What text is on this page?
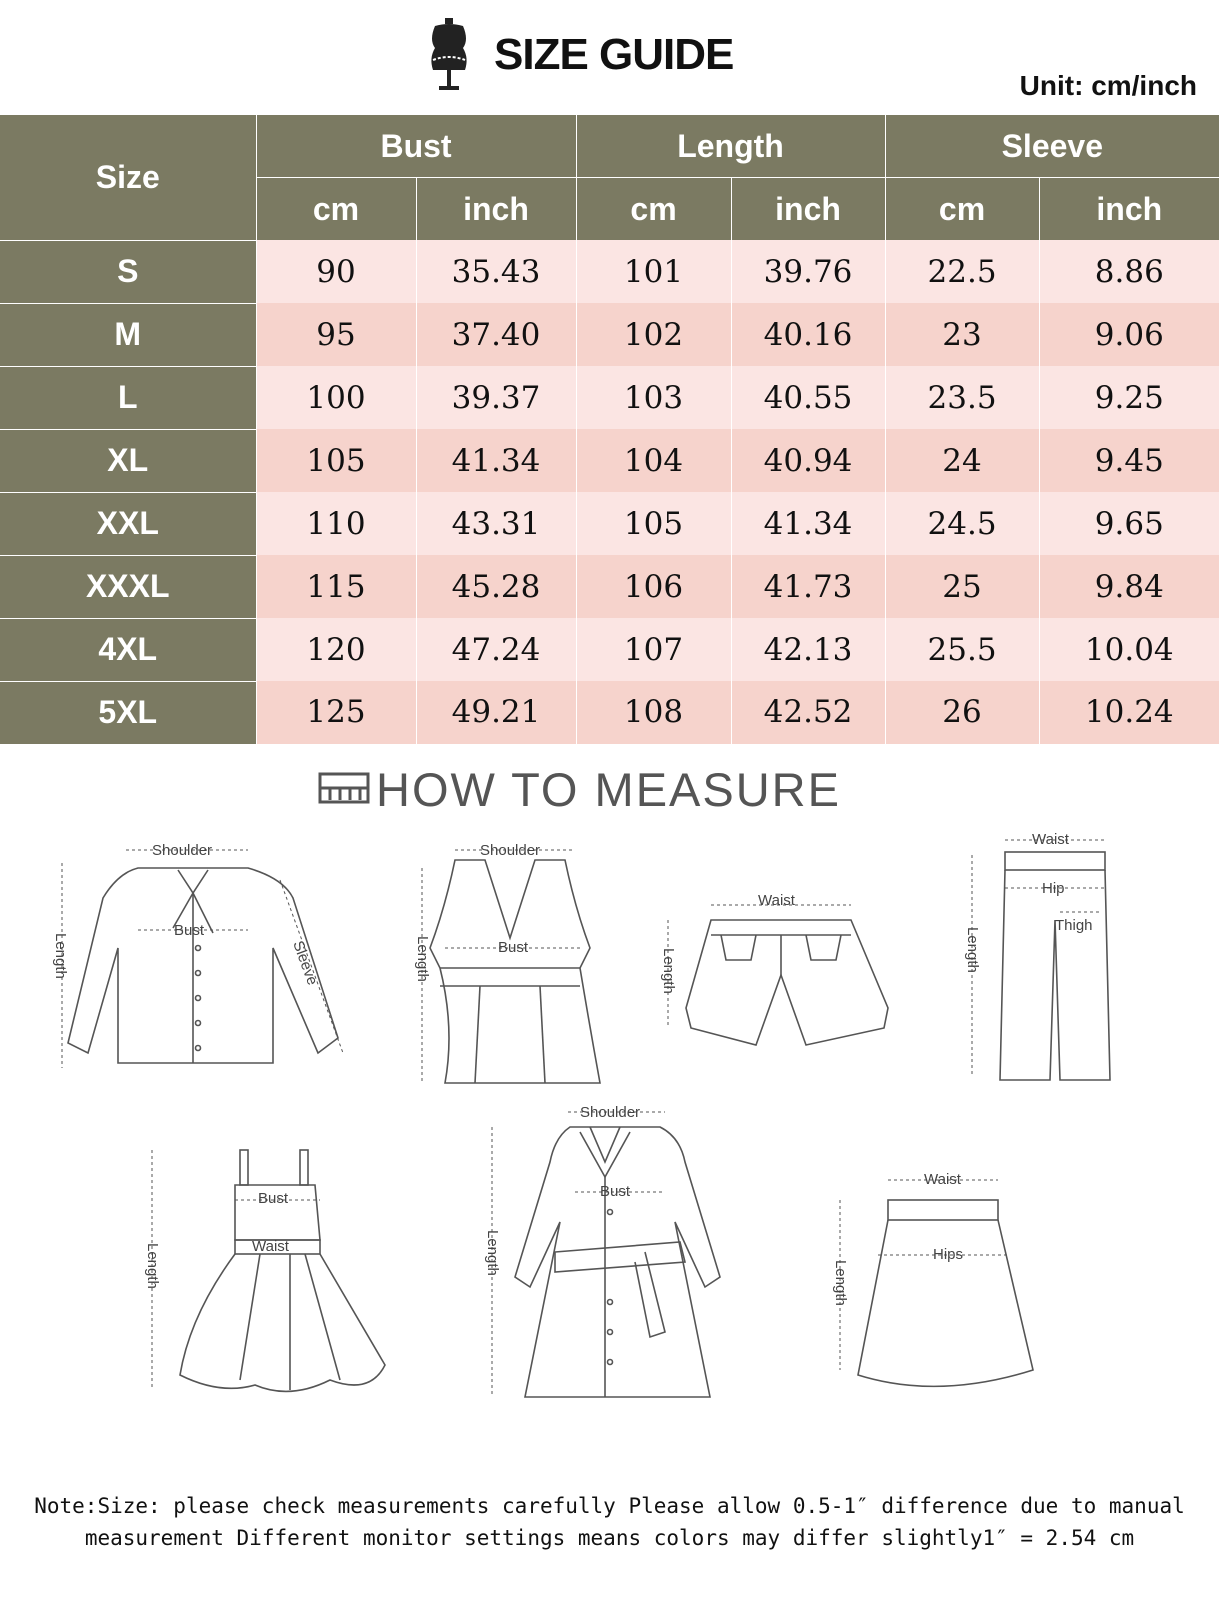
SIZE GUIDE
Unit: cm/inch
Size	Bust		Length		Sleeve	
	cm	inch	cm	inch	cm	inch
S	90	35.43	101	39.76	22.5	8.86
M	95	37.40	102	40.16	23	9.06
L	100	39.37	103	40.55	23.5	9.25
XL	105	41.34	104	40.94	24	9.45
XXL	110	43.31	105	41.34	24.5	9.65
XXXL	115	45.28	106	41.73	25	9.84
4XL	120	47.24	107	42.13	25.5	10.04
5XL	125	49.21	108	42.52	26	10.24
HOW TO MEASURE
Shoulder
Bust
Length	Sleeve
Shoulder
Bust
Length
Waist
Length
Waist
Hip
Thigh
Length
Bust
Waist
Length
Shoulder
Bust
Length
Waist
Hips
Length
Note:Size: please check measurements carefully Please allow 0.5-1″ difference due to manual measurement Different monitor settings means colors may differ slightly1″ = 2.54 cm
